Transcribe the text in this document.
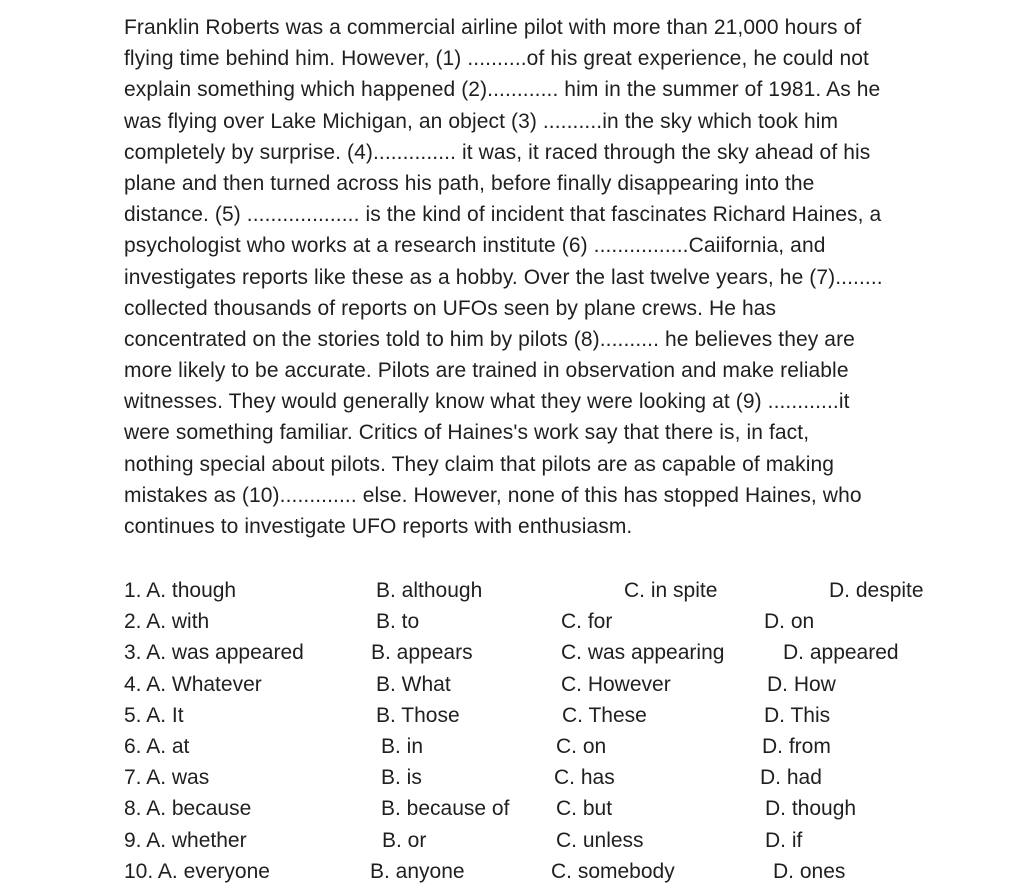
Franklin Roberts was a commercial airline pilot with more than 21,000 hours of
flying time behind him. However, (1) ..........of his great experience, he could not
explain something which happened (2)............ him in the summer of 1981. As he
was flying over Lake Michigan, an object (3) ..........in the sky which took him
completely by surprise. (4).............. it was, it raced through the sky ahead of his
plane and then turned across his path, before finally disappearing into the
distance. (5) ................... is the kind of incident that fascinates Richard Haines, a
psychologist who works at a research institute (6) ................Caiifornia, and
investigates reports like these as a hobby. Over the last twelve years, he (7)........
collected thousands of reports on UFOs seen by plane crews. He has
concentrated on the stories told to him by pilots (8).......... he believes they are
more likely to be accurate. Pilots are trained in observation and make reliable
witnesses. They would generally know what they were looking at (9) ............it
were something familiar. Critics of Haines's work say that there is, in fact,
nothing special about pilots. They claim that pilots are as capable of making
mistakes as (10)............. else. However, none of this has stopped Haines, who
continues to investigate UFO reports with enthusiasm.
1. A. though	B. although	C. in spite	D. despite
2. A. with	B. to	C. for	D. on
3. A. was appeared	B. appears	C. was appearing	D. appeared
4. A. Whatever	B. What	C. However	D. How
5. A. It	B. Those	C. These	D. This
6. A. at	B. in	C. on	D. from
7. A. was	B. is	C. has	D. had
8. A. because	B. because of C. but	D. though
9. A. whether	B. or	C. unless	D. if
10. A. everyone	B. anyone	C. somebody	D. ones
